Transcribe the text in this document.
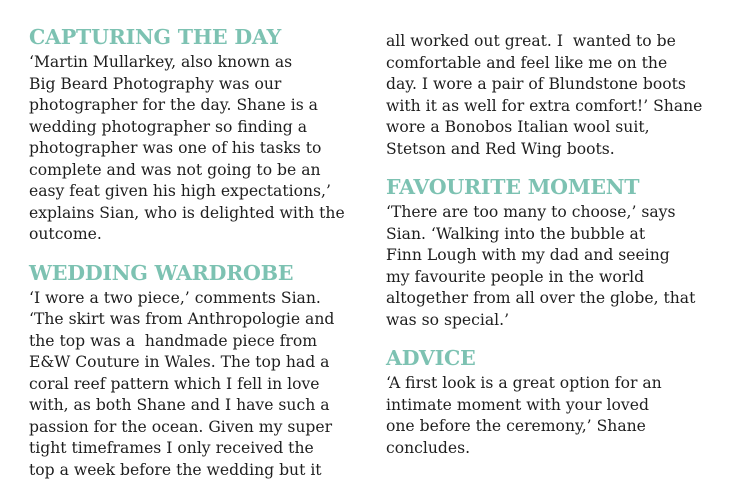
CAPTURING THE DAY
‘Martin Mullarkey, also known as
Big Beard Photography was our
photographer for the day. Shane is a
wedding photographer so finding a
photographer was one of his tasks to
complete and was not going to be an
easy feat given his high expectations,’
explains Sian, who is delighted with the
outcome.
WEDDING WARDROBE
‘I wore a two piece,’ comments Sian.
‘The skirt was from Anthropologie and
the top was a  handmade piece from
E&W Couture in Wales. The top had a
coral reef pattern which I fell in love
with, as both Shane and I have such a
passion for the ocean. Given my super
tight timeframes I only received the
top a week before the wedding but it
all worked out great. I  wanted to be
comfortable and feel like me on the
day. I wore a pair of Blundstone boots
with it as well for extra comfort!’ Shane
wore a Bonobos Italian wool suit,
Stetson and Red Wing boots.
FAVOURITE MOMENT
‘There are too many to choose,’ says
Sian. ‘Walking into the bubble at
Finn Lough with my dad and seeing
my favourite people in the world
altogether from all over the globe, that
was so special.’
ADVICE
‘A first look is a great option for an
intimate moment with your loved
one before the ceremony,’ Shane
concludes.
